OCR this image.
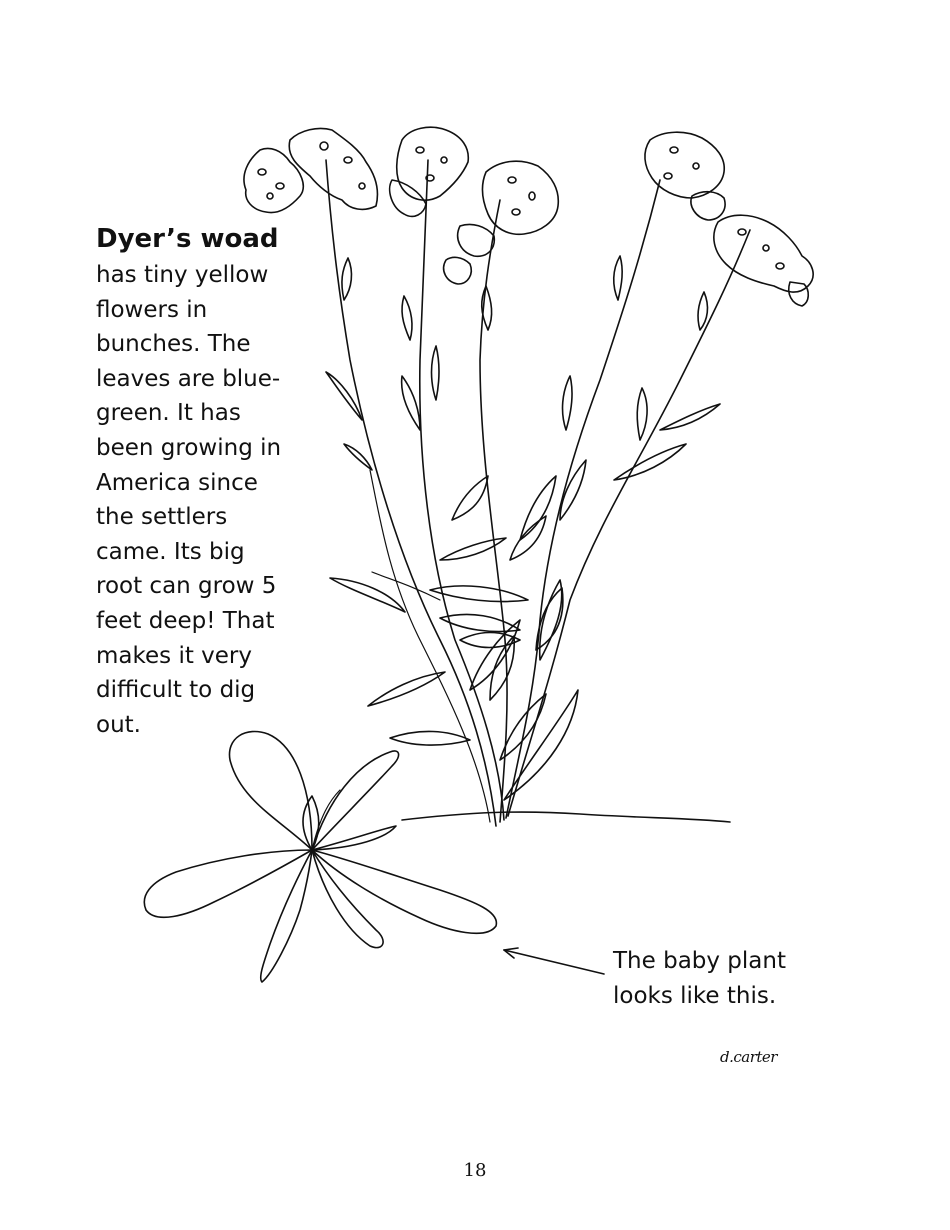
Dyer’s woad
has tiny yellow flowers in bunches. The leaves are blue-green. It has been growing in America since the settlers came. Its big root can grow 5 feet deep! That makes it very difficult to dig out.
The baby plant looks like this.
d.carter
18
